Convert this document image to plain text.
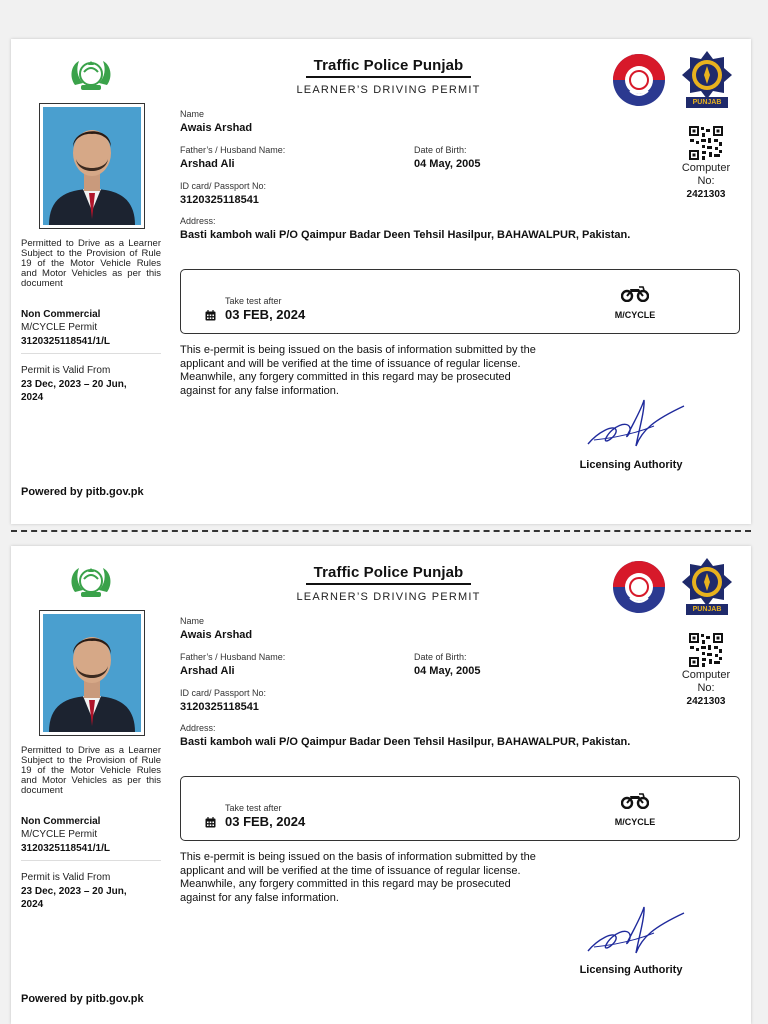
Traffic Police Punjab
LEARNER’S DRIVING PERMIT
PUNJAB
Permitted to Drive as a Learner Subject to the Provision of Rule 19 of the Motor Vehicle Rules and Motor Vehicles as per this document
Non Commercial
M/CYCLE Permit
3120325118541/1/L
Permit is Valid From
23 Dec, 2023 – 20 Jun, 2024
Powered by pitb.gov.pk
Name
Awais Arshad
Father’s / Husband Name:
Arshad Ali
Date of Birth:
04 May, 2005
ID card/ Passport No:
3120325118541
Address:
Basti kamboh wali P/O Qaimpur Badar Deen Tehsil Hasilpur, BAHAWALPUR, Pakistan.
Computer No:
2421303
Take test after
03 FEB, 2024	M/CYCLE
This e-permit is being issued on the basis of information submitted by the applicant and will be verified at the time of issuance of regular license. Meanwhile, any forgery committed in this regard may be prosecuted against for any false information.
Licensing Authority
Traffic Police Punjab
LEARNER’S DRIVING PERMIT
PUNJAB
Permitted to Drive as a Learner Subject to the Provision of Rule 19 of the Motor Vehicle Rules and Motor Vehicles as per this document
Non Commercial
M/CYCLE Permit
3120325118541/1/L
Permit is Valid From
23 Dec, 2023 – 20 Jun, 2024
Powered by pitb.gov.pk
Name
Awais Arshad
Father’s / Husband Name:
Arshad Ali
Date of Birth:
04 May, 2005
ID card/ Passport No:
3120325118541
Address:
Basti kamboh wali P/O Qaimpur Badar Deen Tehsil Hasilpur, BAHAWALPUR, Pakistan.
Computer No:
2421303
Take test after
03 FEB, 2024	M/CYCLE
This e-permit is being issued on the basis of information submitted by the applicant and will be verified at the time of issuance of regular license. Meanwhile, any forgery committed in this regard may be prosecuted against for any false information.
Licensing Authority
